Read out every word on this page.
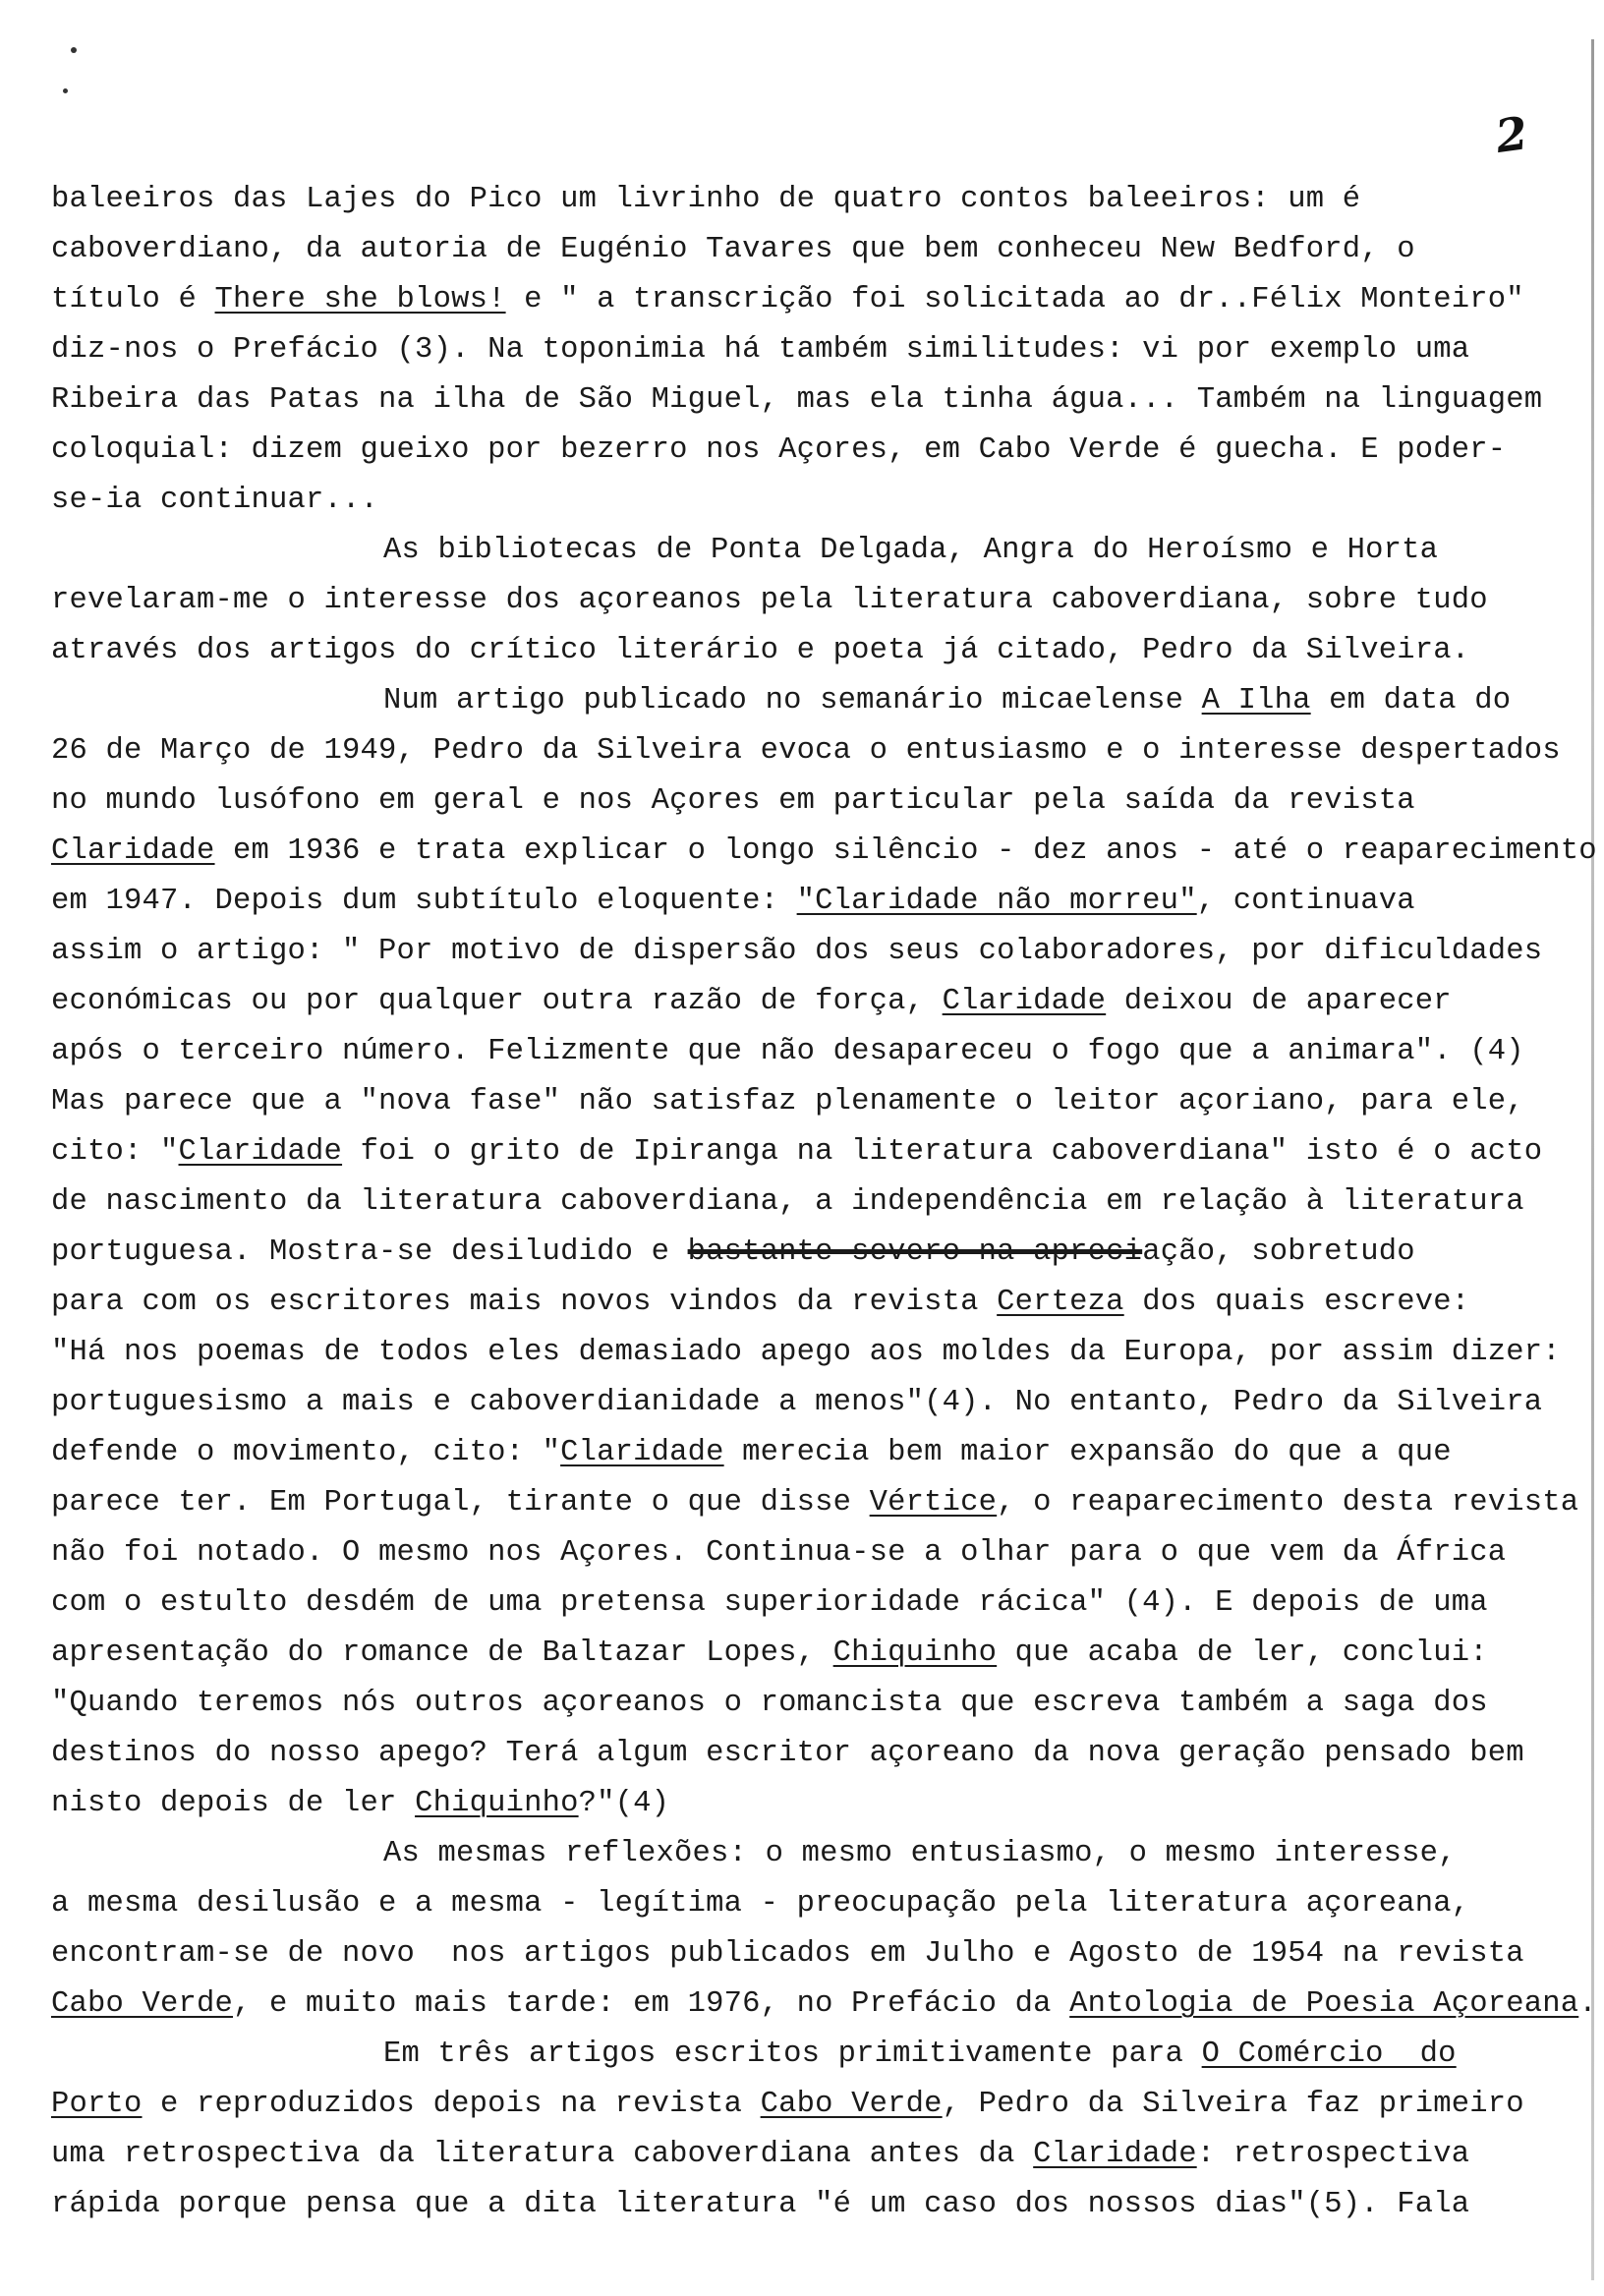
2
baleeiros das Lajes do Pico um livrinho de quatro contos baleeiros: um é
caboverdiano, da autoria de Eugénio Tavares que bem conheceu New Bedford, o
título é There she blows! e " a transcrição foi solicitada ao dr..Félix Monteiro"
diz-nos o Prefácio (3). Na toponimia há também similitudes: vi por exemplo uma
Ribeira das Patas na ilha de São Miguel, mas ela tinha água... Também na linguagem
coloquial: dizem gueixo por bezerro nos Açores, em Cabo Verde é guecha. E poder-
se-ia continuar...
As bibliotecas de Ponta Delgada, Angra do Heroísmo e Horta
revelaram-me o interesse dos açoreanos pela literatura caboverdiana, sobre tudo
através dos artigos do crítico literário e poeta já citado, Pedro da Silveira.
Num artigo publicado no semanário micaelense A Ilha em data do
26 de Março de 1949, Pedro da Silveira evoca o entusiasmo e o interesse despertados
no mundo lusófono em geral e nos Açores em particular pela saída da revista
Claridade em 1936 e trata explicar o longo silêncio - dez anos - até o reaparecimento
em 1947. Depois dum subtítulo eloquente: "Claridade não morreu", continuava
assim o artigo: " Por motivo de dispersão dos seus colaboradores, por dificuldades
económicas ou por qualquer outra razão de força, Claridade deixou de aparecer
após o terceiro número. Felizmente que não desapareceu o fogo que a animara". (4)
Mas parece que a "nova fase" não satisfaz plenamente o leitor açoriano, para ele,
cito: "Claridade foi o grito de Ipiranga na literatura caboverdiana" isto é o acto
de nascimento da literatura caboverdiana, a independência em relação à literatura
portuguesa. Mostra-se desiludido e bastante severo na apreciação, sobretudo
para com os escritores mais novos vindos da revista Certeza dos quais escreve:
"Há nos poemas de todos eles demasiado apego aos moldes da Europa, por assim dizer:
portuguesismo a mais e caboverdianidade a menos"(4). No entanto, Pedro da Silveira
defende o movimento, cito: "Claridade merecia bem maior expansão do que a que
parece ter. Em Portugal, tirante o que disse Vértice, o reaparecimento desta revista
não foi notado. O mesmo nos Açores. Continua-se a olhar para o que vem da África
com o estulto desdém de uma pretensa superioridade rácica" (4). E depois de uma
apresentação do romance de Baltazar Lopes, Chiquinho que acaba de ler, conclui:
"Quando teremos nós outros açoreanos o romancista que escreva também a saga dos
destinos do nosso apego? Terá algum escritor açoreano da nova geração pensado bem
nisto depois de ler Chiquinho?"(4)
As mesmas reflexões: o mesmo entusiasmo, o mesmo interesse,
a mesma desilusão e a mesma - legítima - preocupação pela literatura açoreana,
encontram-se de novo  nos artigos publicados em Julho e Agosto de 1954 na revista
Cabo Verde, e muito mais tarde: em 1976, no Prefácio da Antologia de Poesia Açoreana.
Em três artigos escritos primitivamente para O Comércio  do
Porto e reproduzidos depois na revista Cabo Verde, Pedro da Silveira faz primeiro
uma retrospectiva da literatura caboverdiana antes da Claridade: retrospectiva
rápida porque pensa que a dita literatura "é um caso dos nossos dias"(5). Fala
